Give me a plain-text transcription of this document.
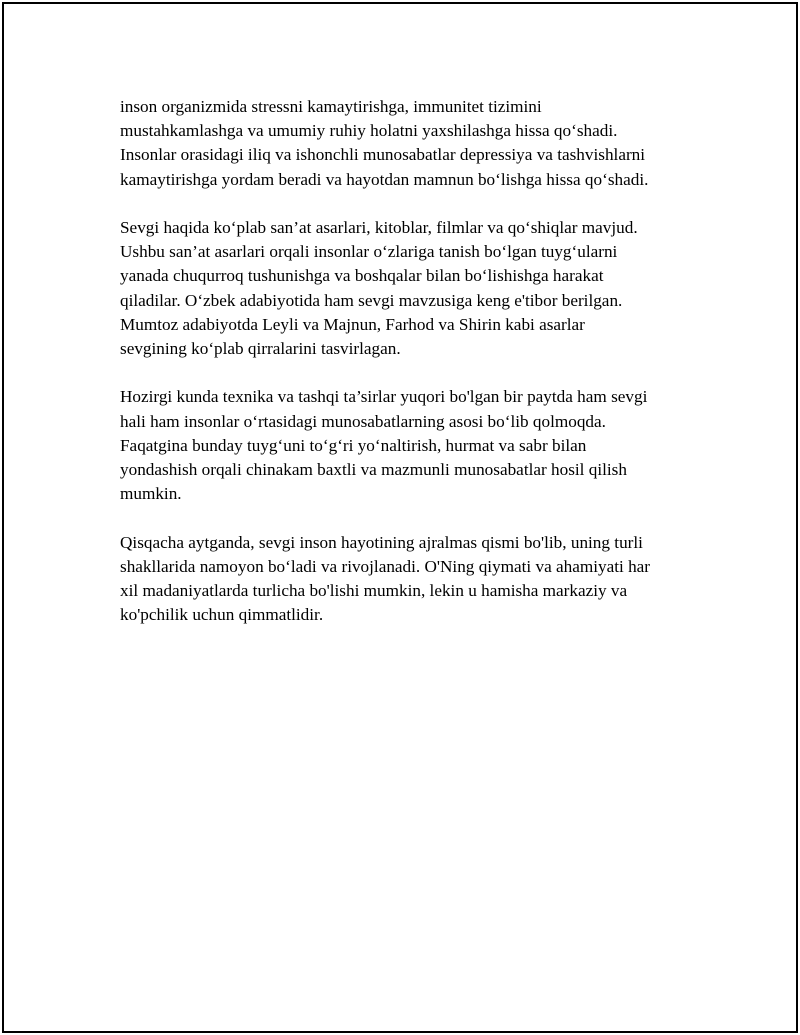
inson organizmida stressni kamaytirishga, immunitet tizimini
mustahkamlashga va umumiy ruhiy holatni yaxshilashga hissa qo‘shadi.
Insonlar orasidagi iliq va ishonchli munosabatlar depressiya va tashvishlarni
kamaytirishga yordam beradi va hayotdan mamnun bo‘lishga hissa qo‘shadi.

Sevgi haqida ko‘plab san’at asarlari, kitoblar, filmlar va qo‘shiqlar mavjud.
Ushbu san’at asarlari orqali insonlar o‘zlariga tanish bo‘lgan tuyg‘ularni
yanada chuqurroq tushunishga va boshqalar bilan bo‘lishishga harakat
qiladilar. O‘zbek adabiyotida ham sevgi mavzusiga keng e'tibor berilgan.
Mumtoz adabiyotda Leyli va Majnun, Farhod va Shirin kabi asarlar
sevgining ko‘plab qirralarini tasvirlagan.

Hozirgi kunda texnika va tashqi ta’sirlar yuqori bo'lgan bir paytda ham sevgi
hali ham insonlar o‘rtasidagi munosabatlarning asosi bo‘lib qolmoqda.
Faqatgina bunday tuyg‘uni to‘g‘ri yo‘naltirish, hurmat va sabr bilan
yondashish orqali chinakam baxtli va mazmunli munosabatlar hosil qilish
mumkin.

Qisqacha aytganda, sevgi inson hayotining ajralmas qismi bo'lib, uning turli
shakllarida namoyon bo‘ladi va rivojlanadi. O'Ning qiymati va ahamiyati har
xil madaniyatlarda turlicha bo'lishi mumkin, lekin u hamisha markaziy va
ko'pchilik uchun qimmatlidir.
